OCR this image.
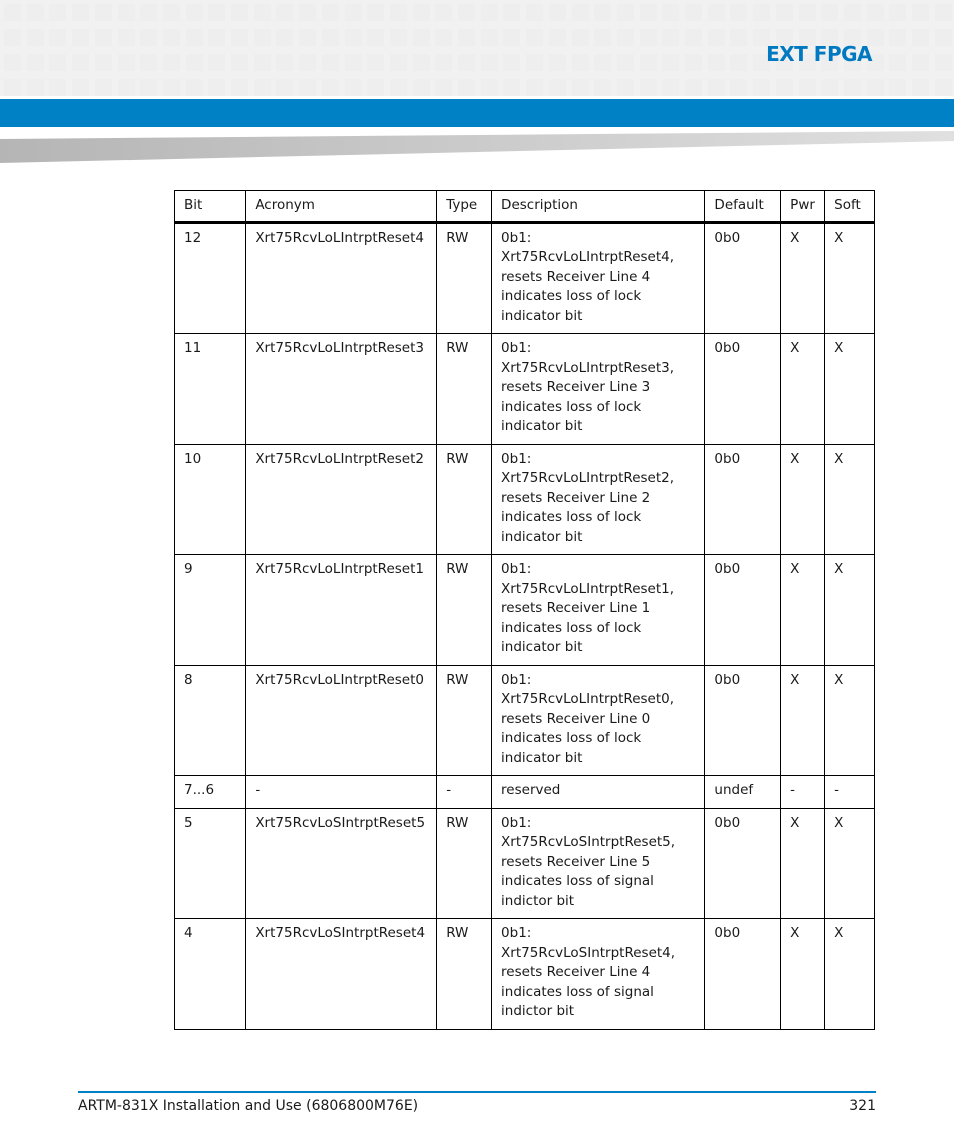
EXT FPGA
Bit	Acronym	Type	Description	Default	Pwr	Soft
12	Xrt75RcvLoLIntrptReset4	RW	0b1:
Xrt75RcvLoLIntrptReset4,
resets Receiver Line 4
indicates loss of lock
indicator bit	0b0	X	X
11	Xrt75RcvLoLIntrptReset3	RW	0b1:
Xrt75RcvLoLIntrptReset3,
resets Receiver Line 3
indicates loss of lock
indicator bit	0b0	X	X
10	Xrt75RcvLoLIntrptReset2	RW	0b1:
Xrt75RcvLoLIntrptReset2,
resets Receiver Line 2
indicates loss of lock
indicator bit	0b0	X	X
9	Xrt75RcvLoLIntrptReset1	RW	0b1:
Xrt75RcvLoLIntrptReset1,
resets Receiver Line 1
indicates loss of lock
indicator bit	0b0	X	X
8	Xrt75RcvLoLIntrptReset0	RW	0b1:
Xrt75RcvLoLIntrptReset0,
resets Receiver Line 0
indicates loss of lock
indicator bit	0b0	X	X
7...6	-	-	reserved	undef	-	-
5	Xrt75RcvLoSIntrptReset5	RW	0b1:
Xrt75RcvLoSIntrptReset5,
resets Receiver Line 5
indicates loss of signal
indictor bit	0b0	X	X
4	Xrt75RcvLoSIntrptReset4	RW	0b1:
Xrt75RcvLoSIntrptReset4,
resets Receiver Line 4
indicates loss of signal
indictor bit	0b0	X	X
ARTM-831X Installation and Use (6806800M76E)	321
